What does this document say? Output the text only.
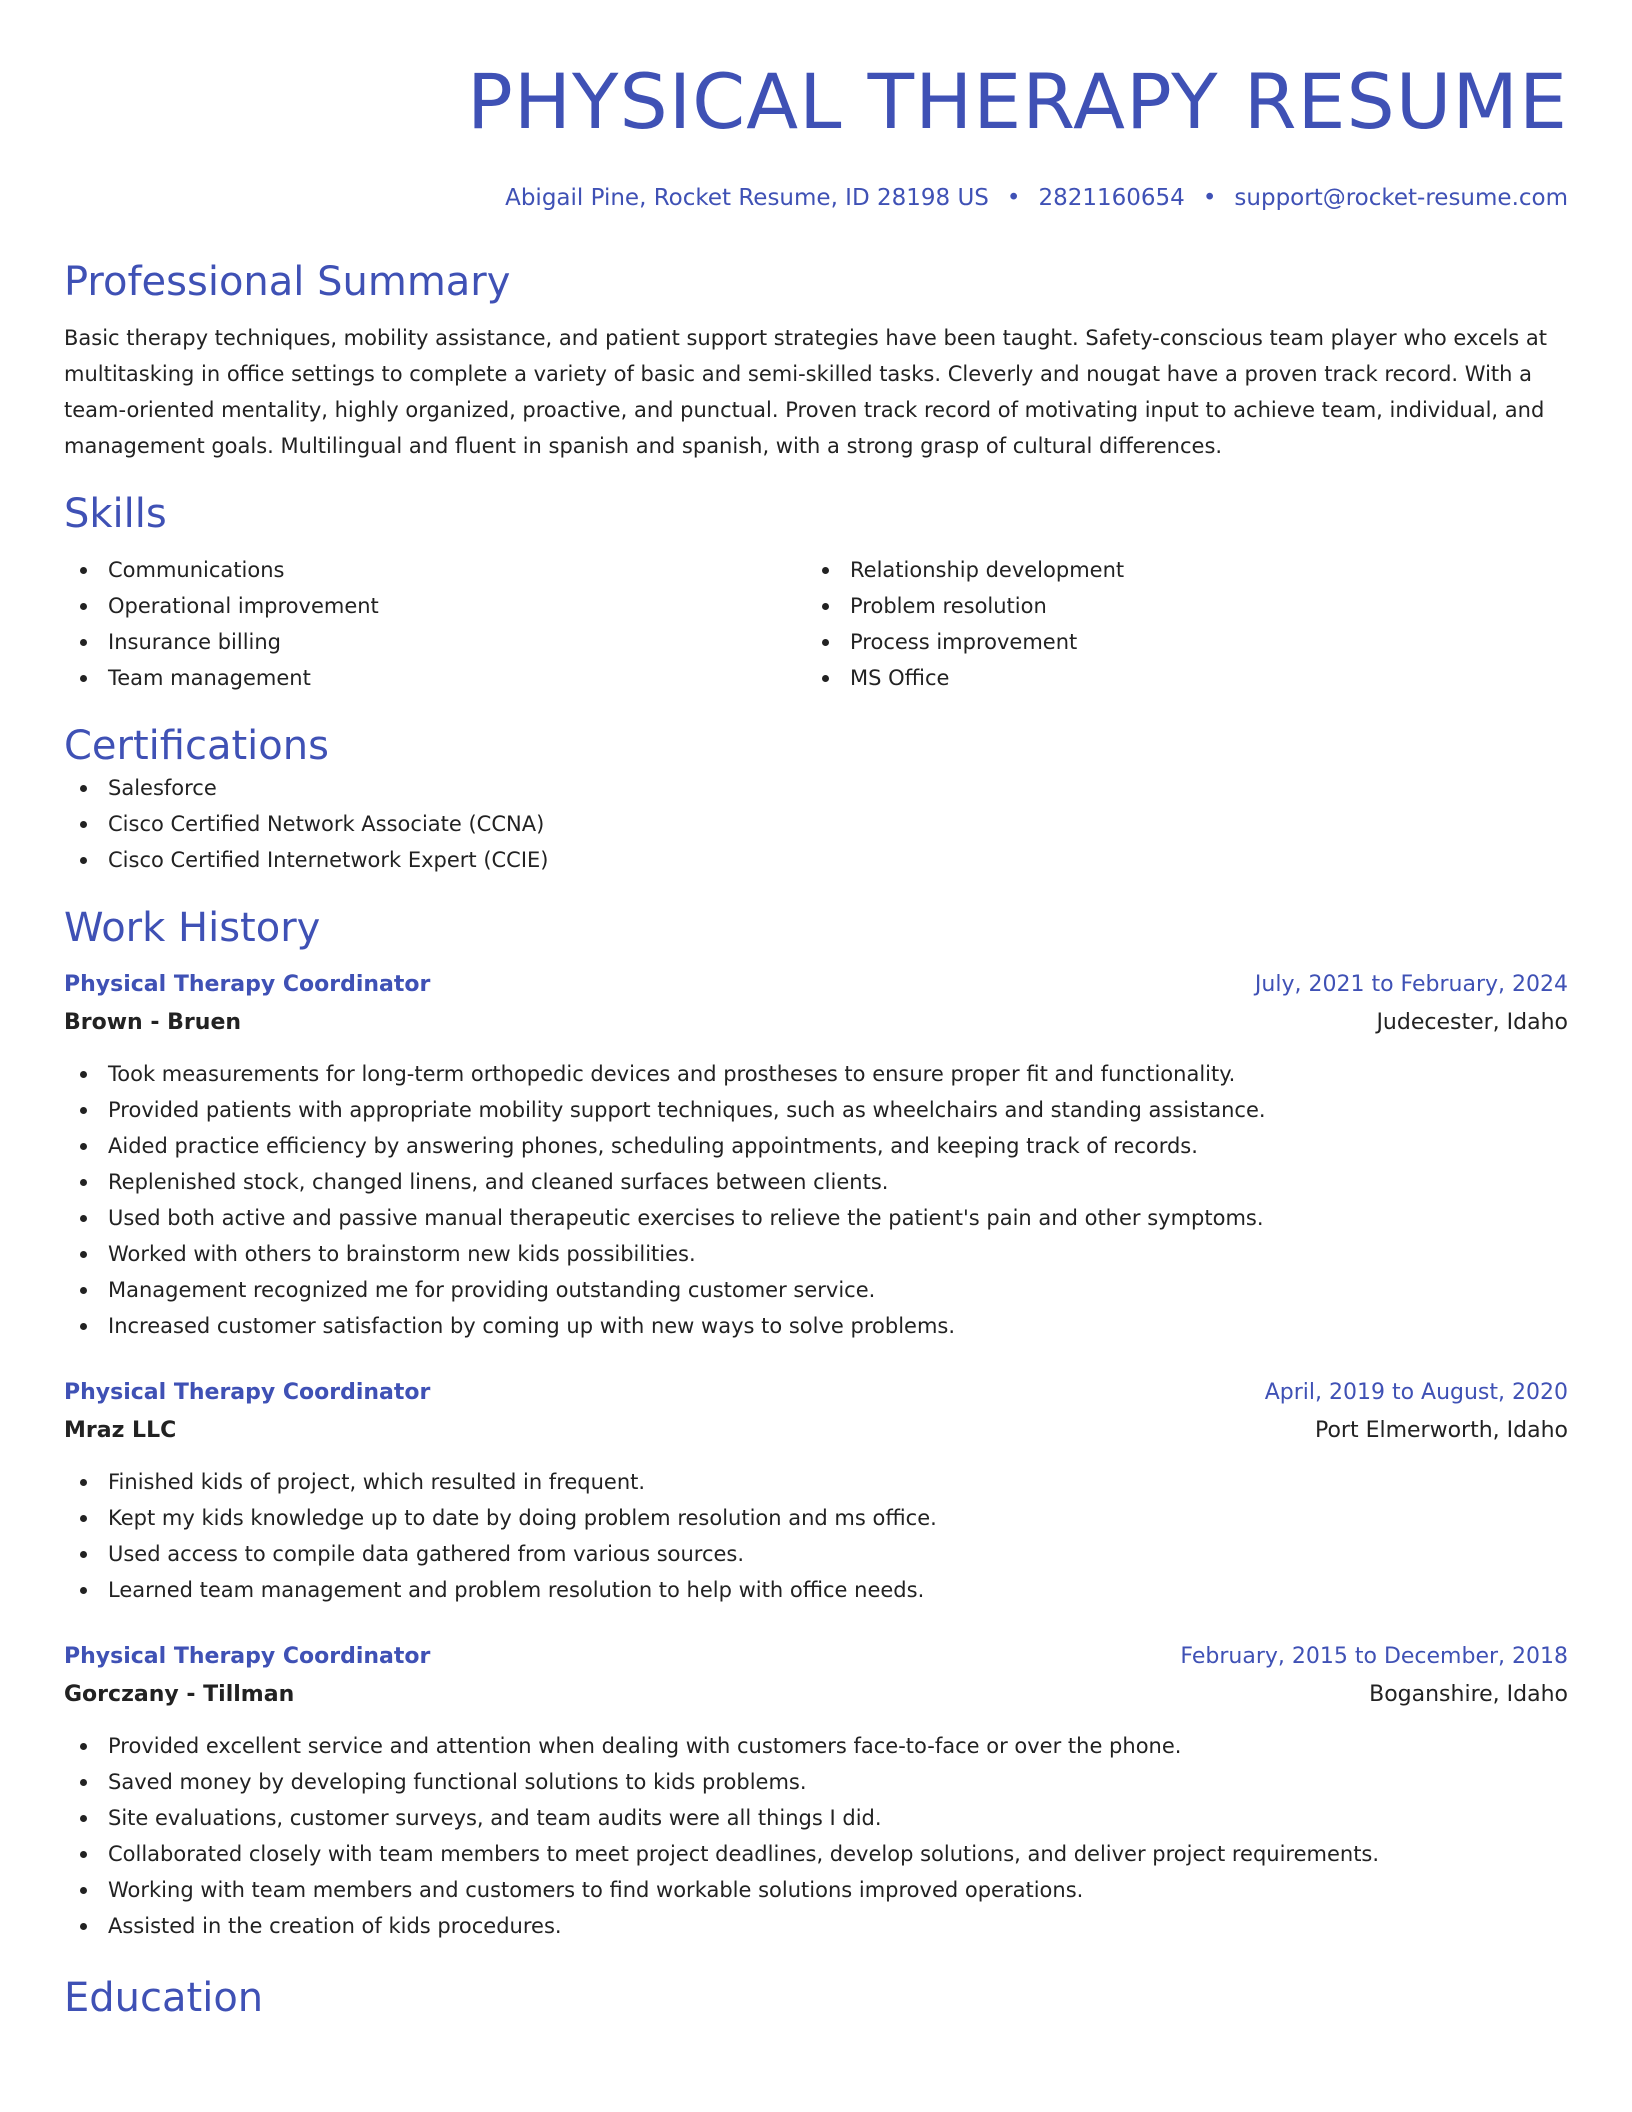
PHYSICAL THERAPY RESUME
Abigail Pine, Rocket Resume, ID 28198 US • 2821160654 • support@rocket-resume.com
Professional Summary
Basic therapy techniques, mobility assistance, and patient support strategies have been taught. Safety-conscious team player who excels at multitasking in office settings to complete a variety of basic and semi-skilled tasks. Cleverly and nougat have a proven track record. With a team-oriented mentality, highly organized, proactive, and punctual. Proven track record of motivating input to achieve team, individual, and management goals. Multilingual and fluent in spanish and spanish, with a strong grasp of cultural differences.
Skills
Communications
Operational improvement
Insurance billing
Team management
Relationship development
Problem resolution
Process improvement
MS Office
Certifications
Salesforce
Cisco Certified Network Associate (CCNA)
Cisco Certified Internetwork Expert (CCIE)
Work History
Physical Therapy Coordinator	July, 2021 to February, 2024
Brown - Bruen	Judecester, Idaho
Took measurements for long-term orthopedic devices and prostheses to ensure proper fit and functionality.
Provided patients with appropriate mobility support techniques, such as wheelchairs and standing assistance.
Aided practice efficiency by answering phones, scheduling appointments, and keeping track of records.
Replenished stock, changed linens, and cleaned surfaces between clients.
Used both active and passive manual therapeutic exercises to relieve the patient's pain and other symptoms.
Worked with others to brainstorm new kids possibilities.
Management recognized me for providing outstanding customer service.
Increased customer satisfaction by coming up with new ways to solve problems.
Physical Therapy Coordinator	April, 2019 to August, 2020
Mraz LLC	Port Elmerworth, Idaho
Finished kids of project, which resulted in frequent.
Kept my kids knowledge up to date by doing problem resolution and ms office.
Used access to compile data gathered from various sources.
Learned team management and problem resolution to help with office needs.
Physical Therapy Coordinator	February, 2015 to December, 2018
Gorczany - Tillman	Boganshire, Idaho
Provided excellent service and attention when dealing with customers face-to-face or over the phone.
Saved money by developing functional solutions to kids problems.
Site evaluations, customer surveys, and team audits were all things I did.
Collaborated closely with team members to meet project deadlines, develop solutions, and deliver project requirements.
Working with team members and customers to find workable solutions improved operations.
Assisted in the creation of kids procedures.
Education
